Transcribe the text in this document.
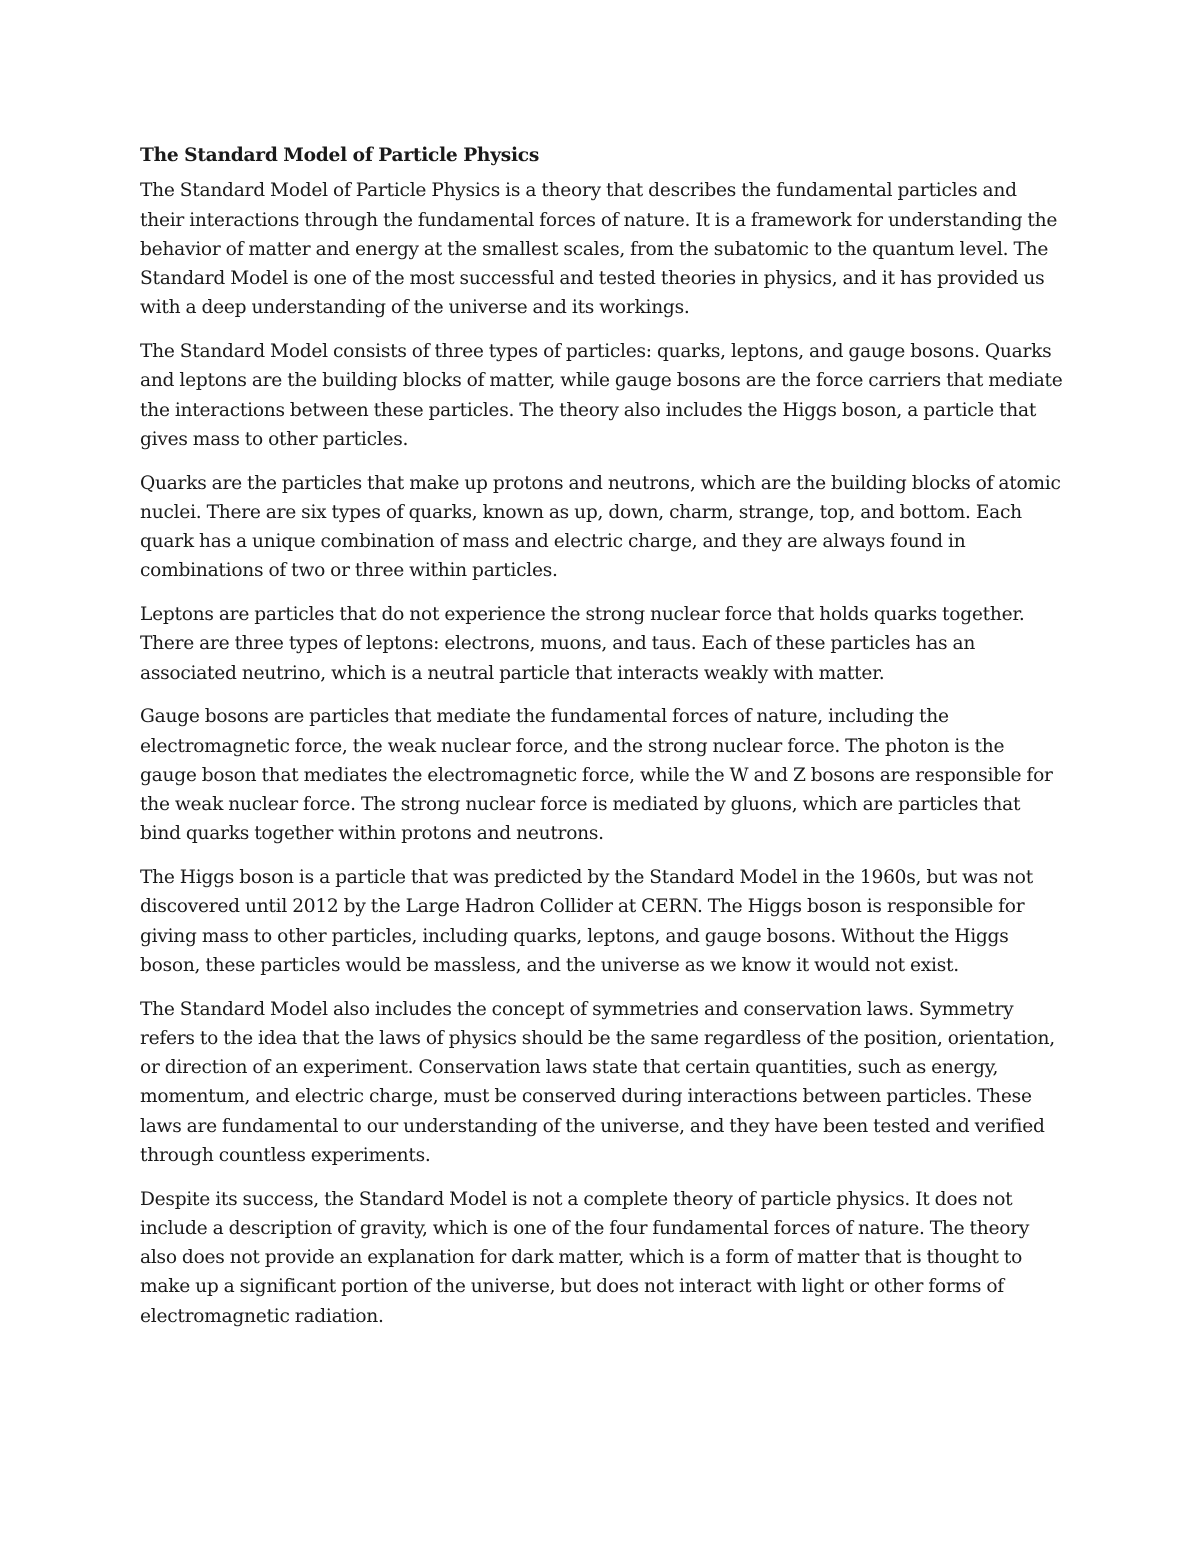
The Standard Model of Particle Physics

The Standard Model of Particle Physics is a theory that describes the fundamental particles and their interactions through the fundamental forces of nature. It is a framework for understanding the behavior of matter and energy at the smallest scales, from the subatomic to the quantum level. The Standard Model is one of the most successful and tested theories in physics, and it has provided us with a deep understanding of the universe and its workings.

The Standard Model consists of three types of particles: quarks, leptons, and gauge bosons. Quarks and leptons are the building blocks of matter, while gauge bosons are the force carriers that mediate the interactions between these particles. The theory also includes the Higgs boson, a particle that gives mass to other particles.

Quarks are the particles that make up protons and neutrons, which are the building blocks of atomic nuclei. There are six types of quarks, known as up, down, charm, strange, top, and bottom. Each quark has a unique combination of mass and electric charge, and they are always found in combinations of two or three within particles.

Leptons are particles that do not experience the strong nuclear force that holds quarks together. There are three types of leptons: electrons, muons, and taus. Each of these particles has an associated neutrino, which is a neutral particle that interacts weakly with matter.

Gauge bosons are particles that mediate the fundamental forces of nature, including the electromagnetic force, the weak nuclear force, and the strong nuclear force. The photon is the gauge boson that mediates the electromagnetic force, while the W and Z bosons are responsible for the weak nuclear force. The strong nuclear force is mediated by gluons, which are particles that bind quarks together within protons and neutrons.

The Higgs boson is a particle that was predicted by the Standard Model in the 1960s, but was not discovered until 2012 by the Large Hadron Collider at CERN. The Higgs boson is responsible for giving mass to other particles, including quarks, leptons, and gauge bosons. Without the Higgs boson, these particles would be massless, and the universe as we know it would not exist.

The Standard Model also includes the concept of symmetries and conservation laws. Symmetry refers to the idea that the laws of physics should be the same regardless of the position, orientation, or direction of an experiment. Conservation laws state that certain quantities, such as energy, momentum, and electric charge, must be conserved during interactions between particles. These laws are fundamental to our understanding of the universe, and they have been tested and verified through countless experiments.

Despite its success, the Standard Model is not a complete theory of particle physics. It does not include a description of gravity, which is one of the four fundamental forces of nature. The theory also does not provide an explanation for dark matter, which is a form of matter that is thought to make up a significant portion of the universe, but does not interact with light or other forms of electromagnetic radiation.
